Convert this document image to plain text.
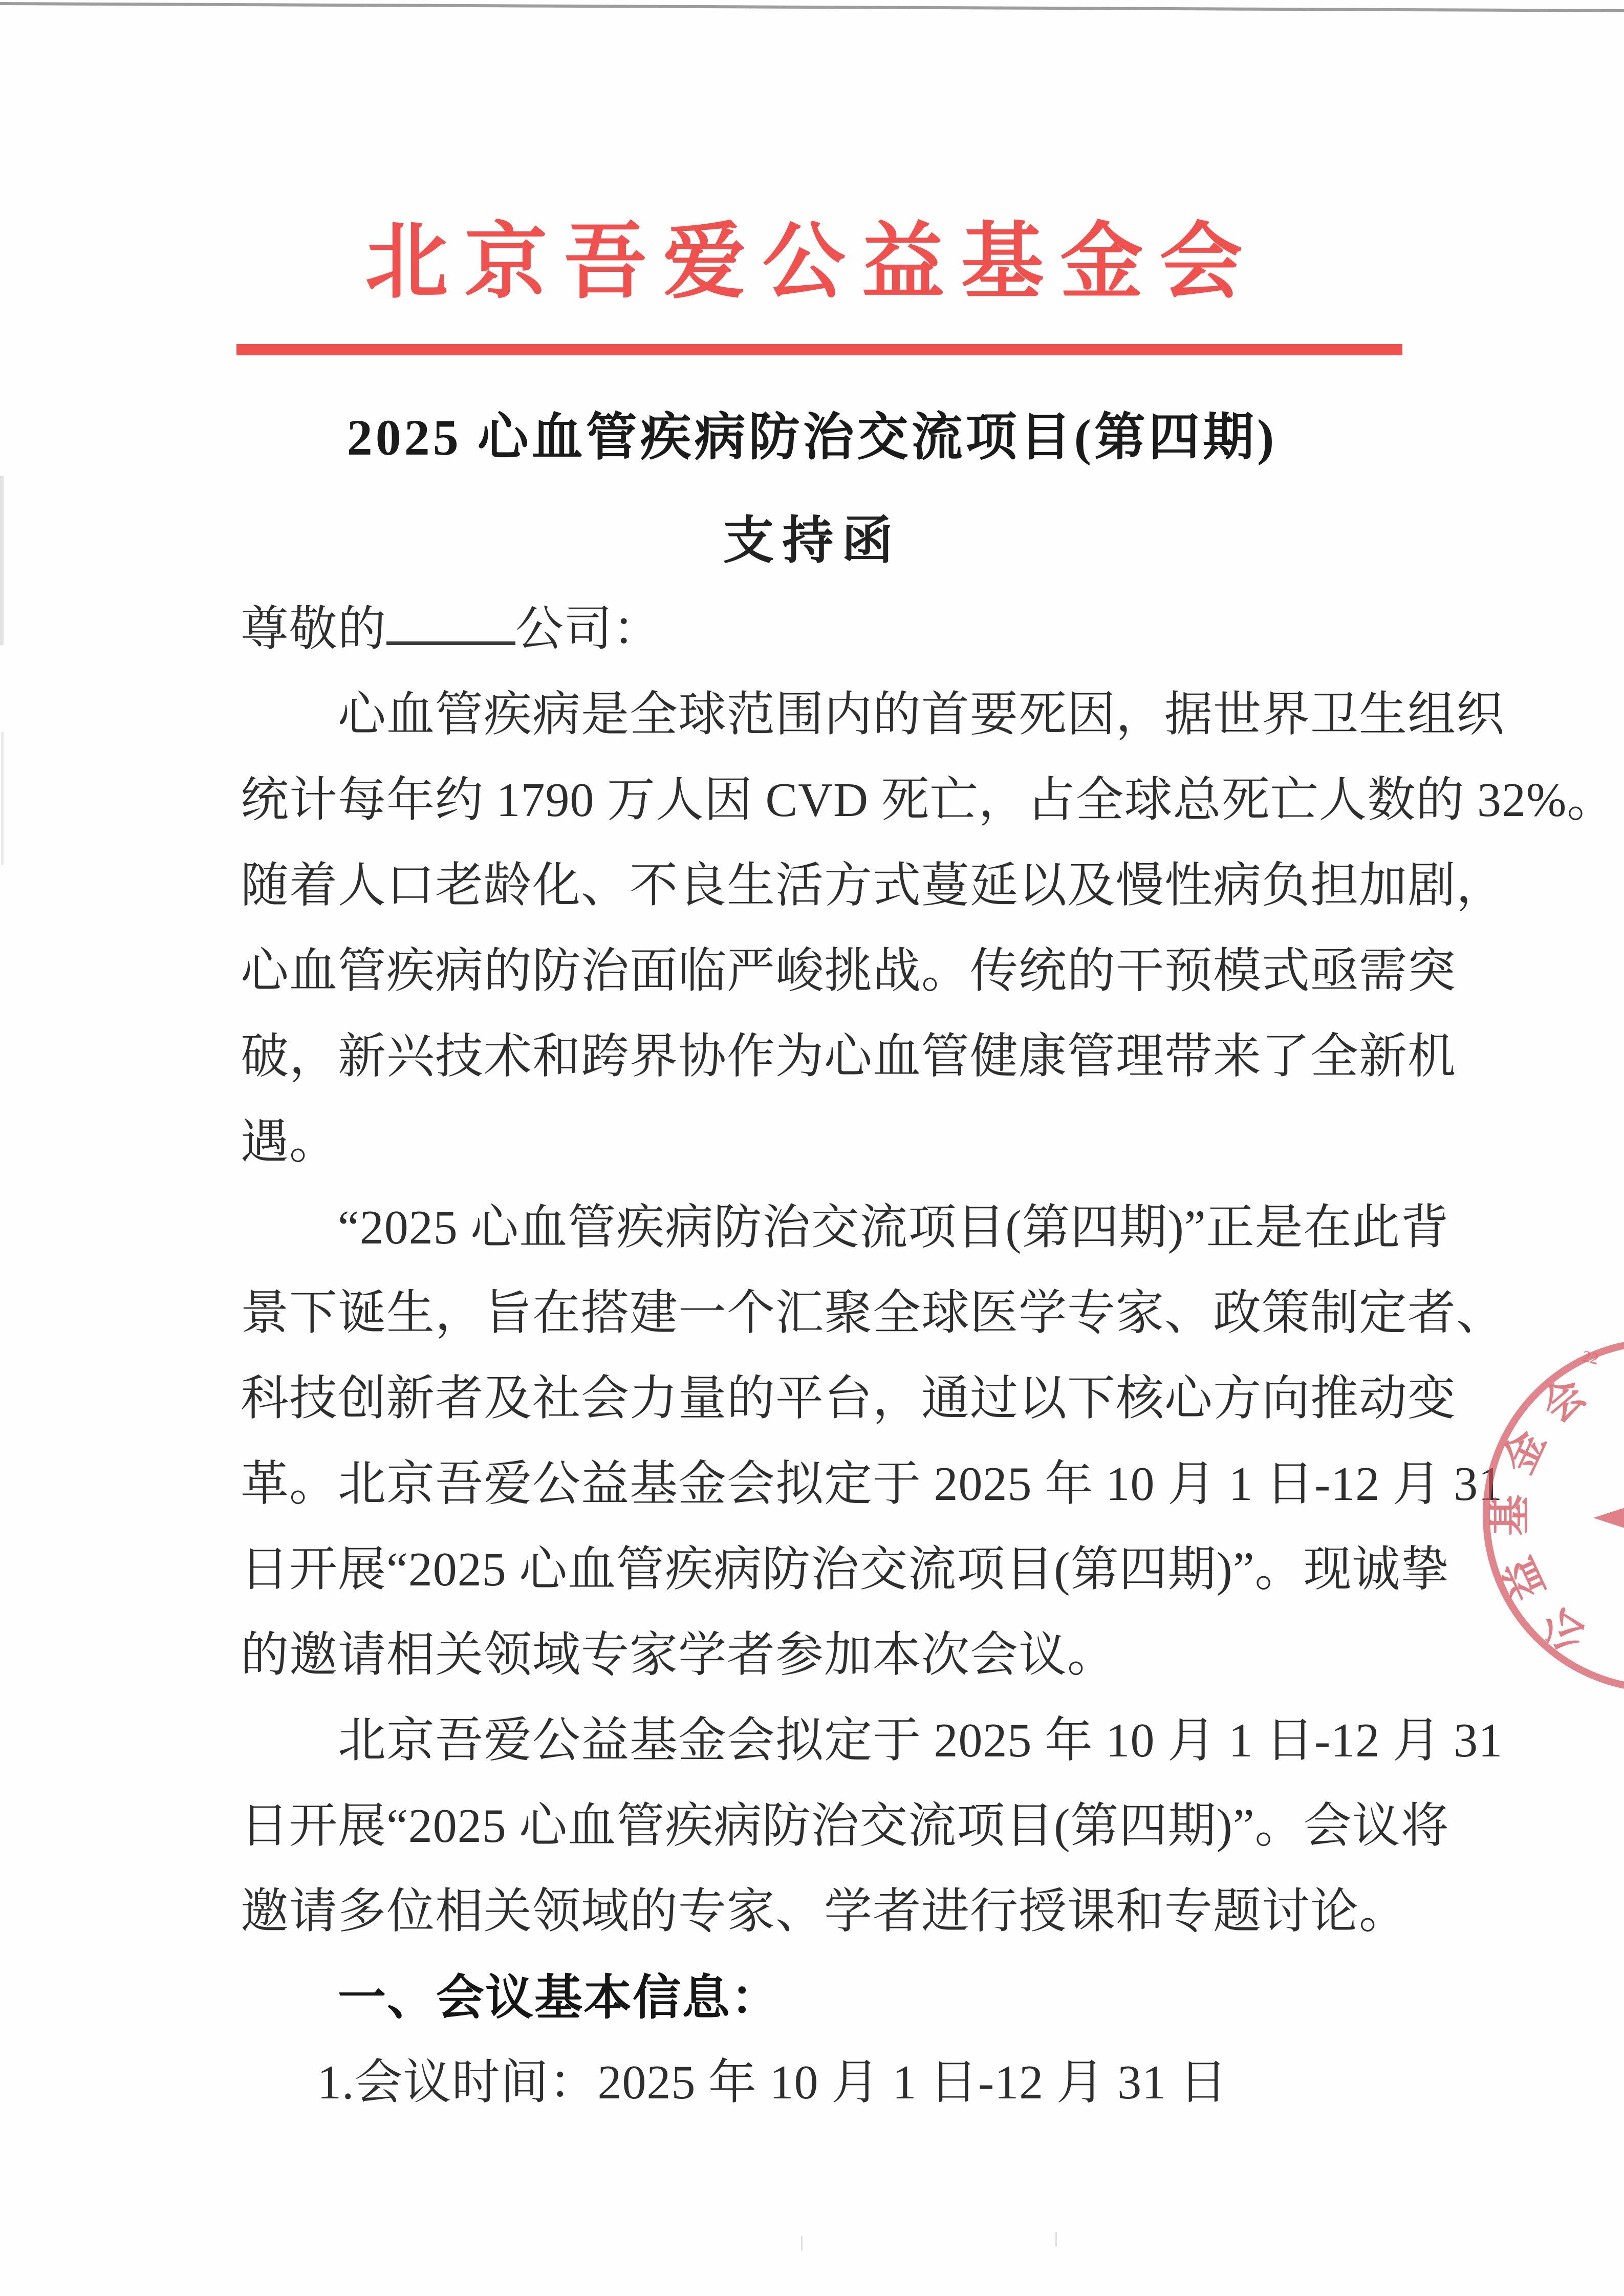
北京吾爱公益基金会
2025 心血管疾病防治交流项目(第四期)
支持函
尊敬的	公司：
心血管疾病是全球范围内的首要死因，据世界卫生组织
统计每年约 1790 万人因 CVD 死亡，占全球总死亡人数的 32%。
随着人口老龄化、不良生活方式蔓延以及慢性病负担加剧，
心血管疾病的防治面临严峻挑战。传统的干预模式亟需突
破，新兴技术和跨界协作为心血管健康管理带来了全新机
遇。
“2025 心血管疾病防治交流项目(第四期)”正是在此背
景下诞生，旨在搭建一个汇聚全球医学专家、政策制定者、
科技创新者及社会力量的平台，通过以下核心方向推动变
革。北京吾爱公益基金会拟定于 2025 年 10 月 1 日-12 月 31
日开展“2025 心血管疾病防治交流项目(第四期)”。现诚挚
的邀请相关领域专家学者参加本次会议。
北京吾爱公益基金会拟定于 2025 年 10 月 1 日-12 月 31
日开展“2025 心血管疾病防治交流项目(第四期)”。会议将
邀请多位相关领域的专家、学者进行授课和专题讨论。
一、会议基本信息：
1.会议时间：2025 年 10 月 1 日-12 月 31 日
会
金
基
益
公
22
